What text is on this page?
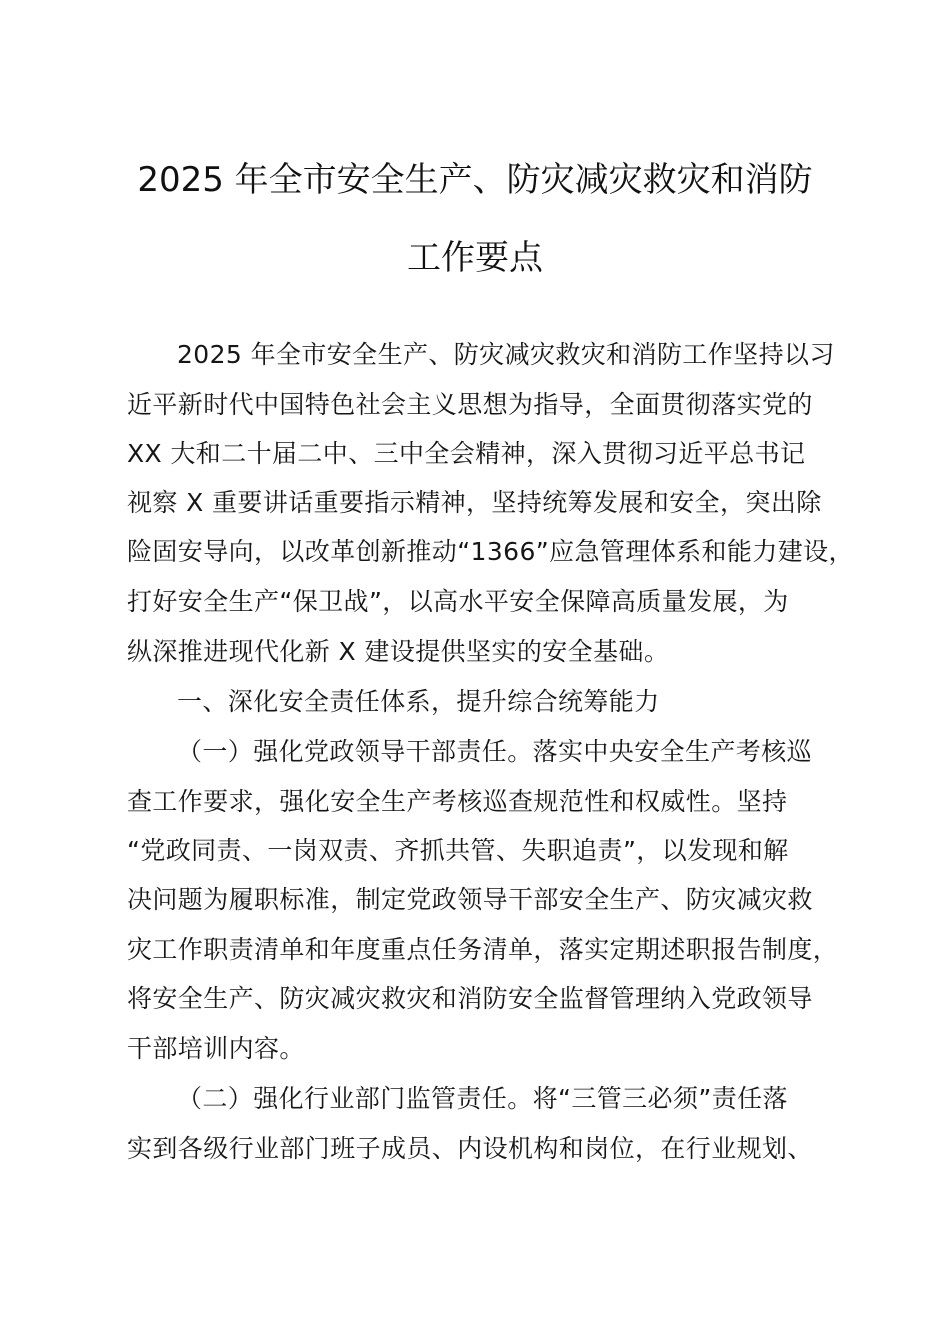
2025 年全市安全生产、防灾减灾救灾和消防
工作要点
2025 年全市安全生产、防灾减灾救灾和消防工作坚持以习
近平新时代中国特色社会主义思想为指导，全面贯彻落实党的
XX 大和二十届二中、三中全会精神，深入贯彻习近平总书记
视察 X 重要讲话重要指示精神，坚持统筹发展和安全，突出除
险固安导向，以改革创新推动“1366”应急管理体系和能力建设，
打好安全生产“保卫战”，以高水平安全保障高质量发展，为
纵深推进现代化新 X 建设提供坚实的安全基础。
一、深化安全责任体系，提升综合统筹能力
（一）强化党政领导干部责任。落实中央安全生产考核巡
查工作要求，强化安全生产考核巡查规范性和权威性。坚持
“党政同责、一岗双责、齐抓共管、失职追责”，以发现和解
决问题为履职标准，制定党政领导干部安全生产、防灾减灾救
灾工作职责清单和年度重点任务清单，落实定期述职报告制度，
将安全生产、防灾减灾救灾和消防安全监督管理纳入党政领导
干部培训内容。
（二）强化行业部门监管责任。将“三管三必须”责任落
实到各级行业部门班子成员、内设机构和岗位，在行业规划、
